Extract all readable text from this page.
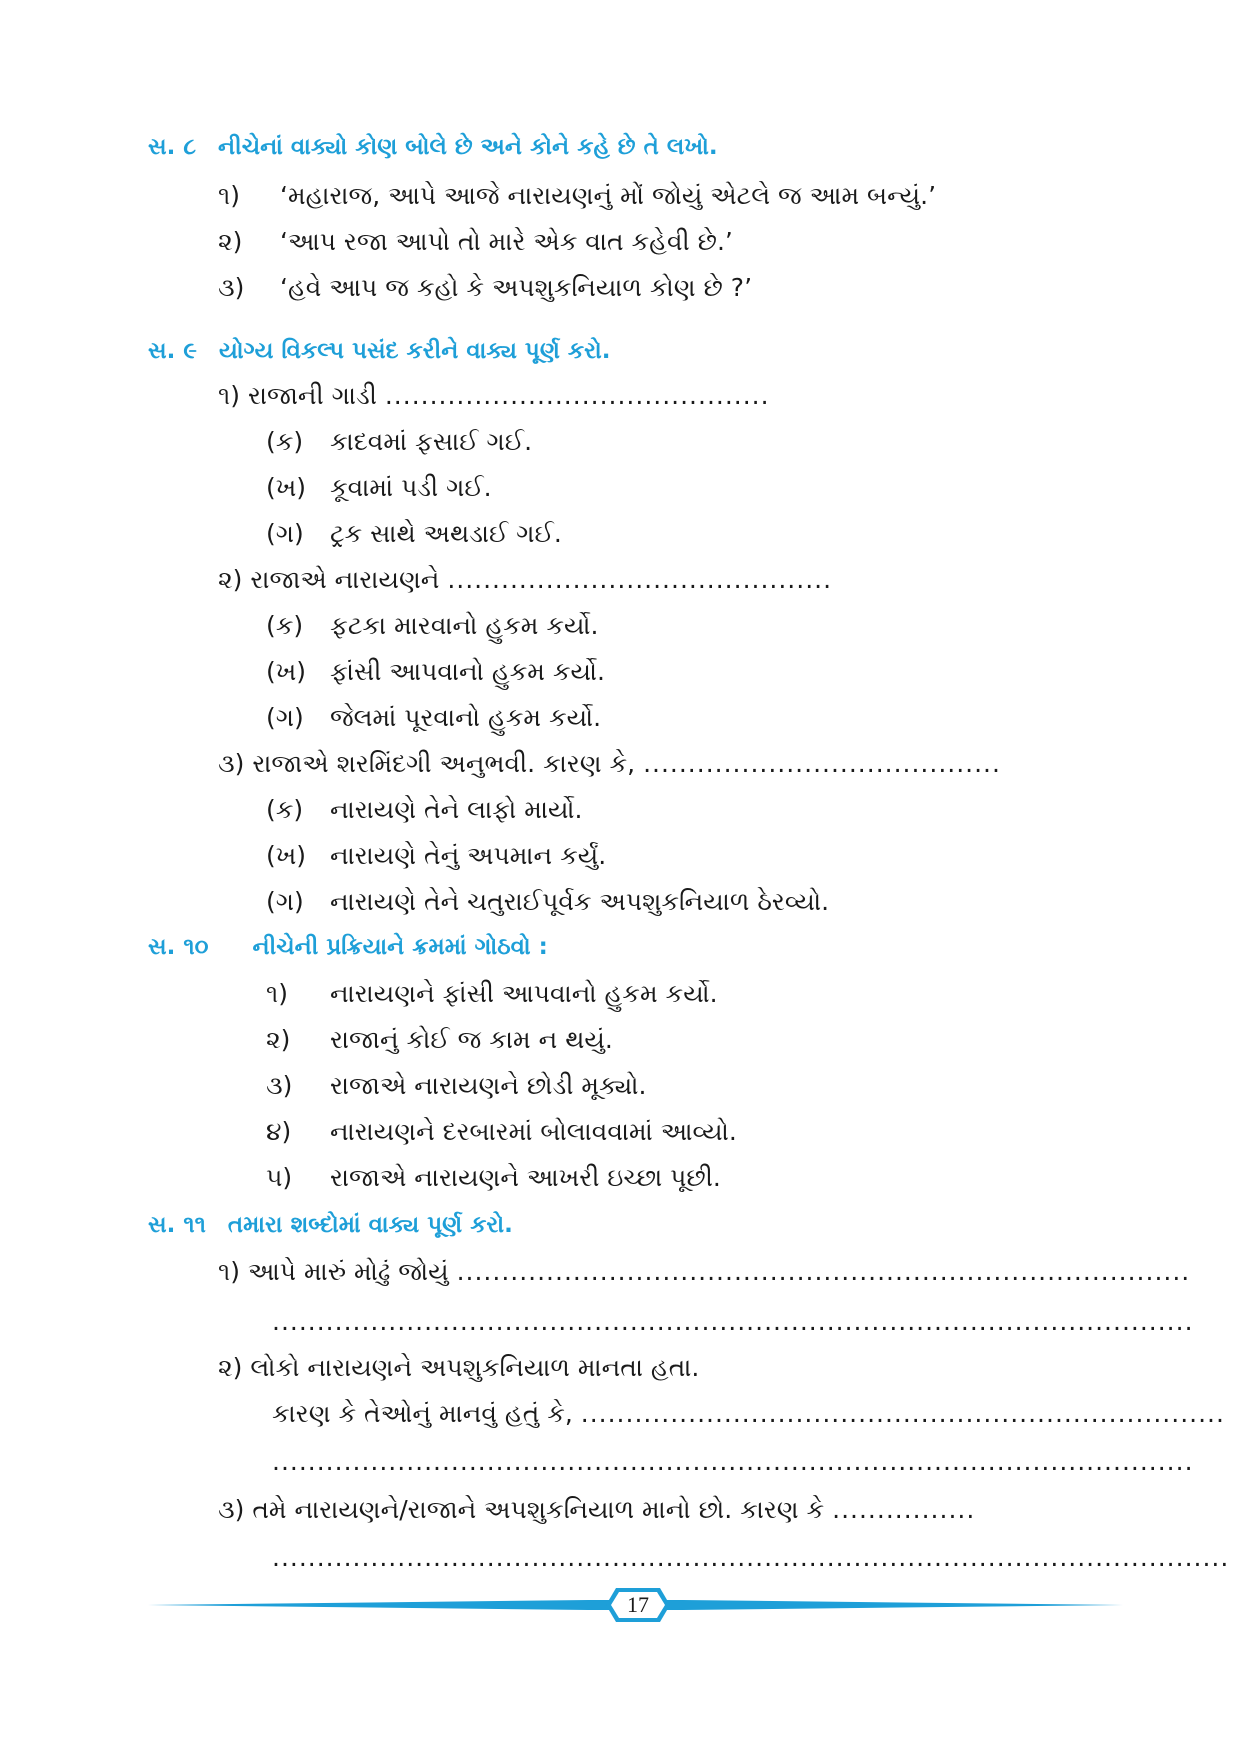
સ. ૮ નીચેનાં વાક્યો કોણ બોલે છે અને કોને કહે છે તે લખો.
૧) ‘મહારાજ, આપે આજે નારાયણનું મોં જોયું એટલે જ આમ બન્યું.’
૨) ‘આપ રજા આપો તો મારે એક વાત કહેવી છે.’
૩) ‘હવે આપ જ કહો કે અપશુકનિયાળ કોણ છે ?’
સ. ૯ યોગ્ય વિકલ્પ પસંદ કરીને વાક્ય પૂર્ણ કરો.
૧) રાજાની ગાડી ...........................................
(ક) કાદવમાં ફસાઈ ગઈ.
(ખ) કૂવામાં પડી ગઈ.
(ગ) ટ્રક સાથે અથડાઈ ગઈ.
૨) રાજાએ નારાયણને ...........................................
(ક) ફટકા મારવાનો હુકમ કર્યો.
(ખ) ફાંસી આપવાનો હુકમ કર્યો.
(ગ) જેલમાં પૂરવાનો હુકમ કર્યો.
૩) રાજાએ શરમિંદગી અનુભવી. કારણ કે, ........................................
(ક) નારાયણે તેને લાફો માર્યો.
(ખ) નારાયણે તેનું અપમાન કર્યું.
(ગ) નારાયણે તેને ચતુરાઈપૂર્વક અપશુકનિયાળ ઠેરવ્યો.
સ. ૧૦ નીચેની પ્રક્રિયાને ક્રમમાં ગોઠવો :
૧) નારાયણને ફાંસી આપવાનો હુકમ કર્યો.
૨) રાજાનું કોઈ જ કામ ન થયું.
૩) રાજાએ નારાયણને છોડી મૂક્યો.
૪) નારાયણને દરબારમાં બોલાવવામાં આવ્યો.
૫) રાજાએ નારાયણને આખરી ઇચ્છા પૂછી.
સ. ૧૧ તમારા શબ્દોમાં વાક્ય પૂર્ણ કરો.
૧) આપે મારું મોઢું જોયું ..................................................................................
.......................................................................................................
૨) લોકો નારાયણને અપશુકનિયાળ માનતા હતા.
કારણ કે તેઓનું માનવું હતું કે, ........................................................................
.......................................................................................................
૩) તમે નારાયણને/રાજાને અપશુકનિયાળ માનો છો. કારણ કે ................
...........................................................................................................
17
